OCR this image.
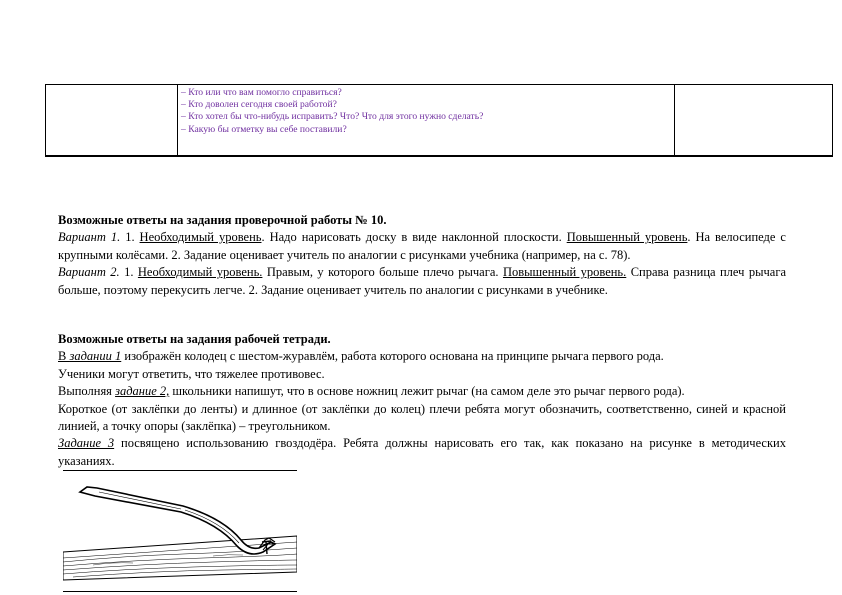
– Кто или что вам помогло справиться?
– Кто доволен сегодня своей работой?
– Кто хотел бы что-нибудь исправить? Что? Что для этого нужно сделать?
– Какую бы отметку вы себе поставили?

Возможные ответы на задания проверочной работы № 10.

Вариант 1. 1. Необходимый уровень. Надо нарисовать доску в виде наклонной плоскости. Повышенный уровень. На велосипеде с крупными колёсами. 2. Задание оценивает учитель по аналогии с рисунками учебника (например, на с. 78).

Вариант 2. 1. Необходимый уровень. Правым, у которого больше плечо рычага. Повышенный уровень. Справа разница плеч рычага больше, поэтому перекусить легче. 2. Задание оценивает учитель по аналогии с рисунками в учебнике.

Возможные ответы на задания рабочей тетради.

В задании 1 изображён колодец с шестом-журавлём, работа которого основана на принципе рычага первого рода.

Ученики могут ответить, что тяжелее противовес.

Выполняя задание 2, школьники напишут, что в основе ножниц лежит рычаг (на самом деле это рычаг первого рода).

Короткое (от заклёпки до ленты) и длинное (от заклёпки до колец) плечи ребята могут обозначить, соответственно, синей и красной линией, а точку опоры (заклёпка) – треугольником.

Задание 3 посвящено использованию гвоздодёра. Ребята должны нарисовать его так, как показано на рисунке в методических указаниях.
